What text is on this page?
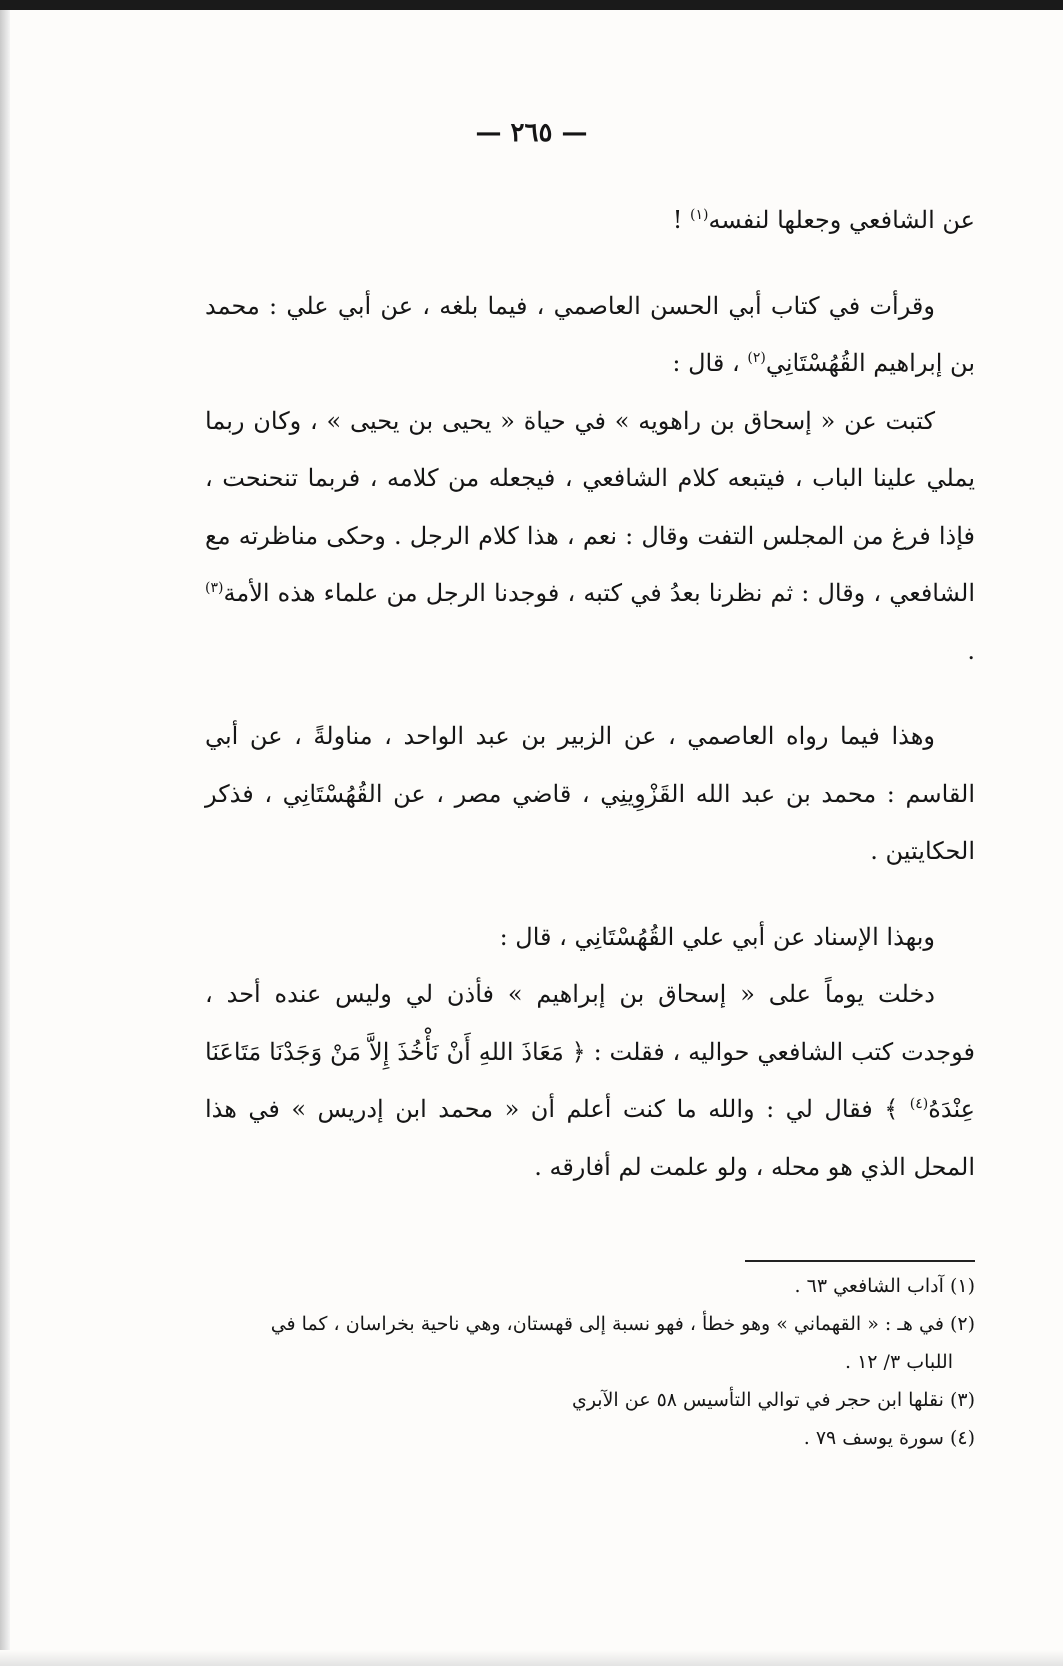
— ٢٦٥ —

عن الشافعي وجعلها لنفسه$^{(١)}$ !

وقرأت في كتاب أبي الحسن العاصمي ، فيما بلغه ، عن أبي علي : محمد بن إبراهيم القُهُسْتَانِي$^{(٢)}$ ، قال :

كتبت عن « إسحاق بن راهويه » في حياة « يحيى بن يحيى » ، وكان ربما يملي علينا الباب ، فيتبعه كلام الشافعي ، فيجعله من كلامه ، فربما تنحنحت ، فإذا فرغ من المجلس التفت وقال : نعم ، هذا كلام الرجل . وحكى مناظرته مع الشافعي ، وقال : ثم نظرنا بعدُ في كتبه ، فوجدنا الرجل من علماء هذه الأمة$^{(٣)}$ .

وهذا فيما رواه العاصمي ، عن الزبير بن عبد الواحد ، مناولةً ، عن أبي القاسم : محمد بن عبد الله القَزْوِينِي ، قاضي مصر ، عن القُهُسْتَانِي ، فذكر الحكايتين .

وبهذا الإسناد عن أبي علي القُهُسْتَانِي ، قال :

دخلت يوماً على « إسحاق بن إبراهيم » فأذن لي وليس عنده أحد ، فوجدت كتب الشافعي حواليه ، فقلت : ﴿ مَعَاذَ اللهِ أَنْ نَأْخُذَ إِلاَّ مَنْ وَجَدْنَا مَتَاعَنَا عِنْدَهُ$^{(٤)}$ ﴾ فقال لي : والله ما كنت أعلم أن « محمد ابن إدريس » في هذا المحل الذي هو محله ، ولو علمت لم أفارقه .

(١) آداب الشافعي ٦٣ .

(٢) في هـ : « القهماني » وهو خطأ ، فهو نسبة إلى قهستان، وهي ناحية بخراسان ، كما في

اللباب ٣/ ١٢ .

(٣) نقلها ابن حجر في توالي التأسيس ٥٨ عن الآبري

(٤) سورة يوسف ٧٩ .
